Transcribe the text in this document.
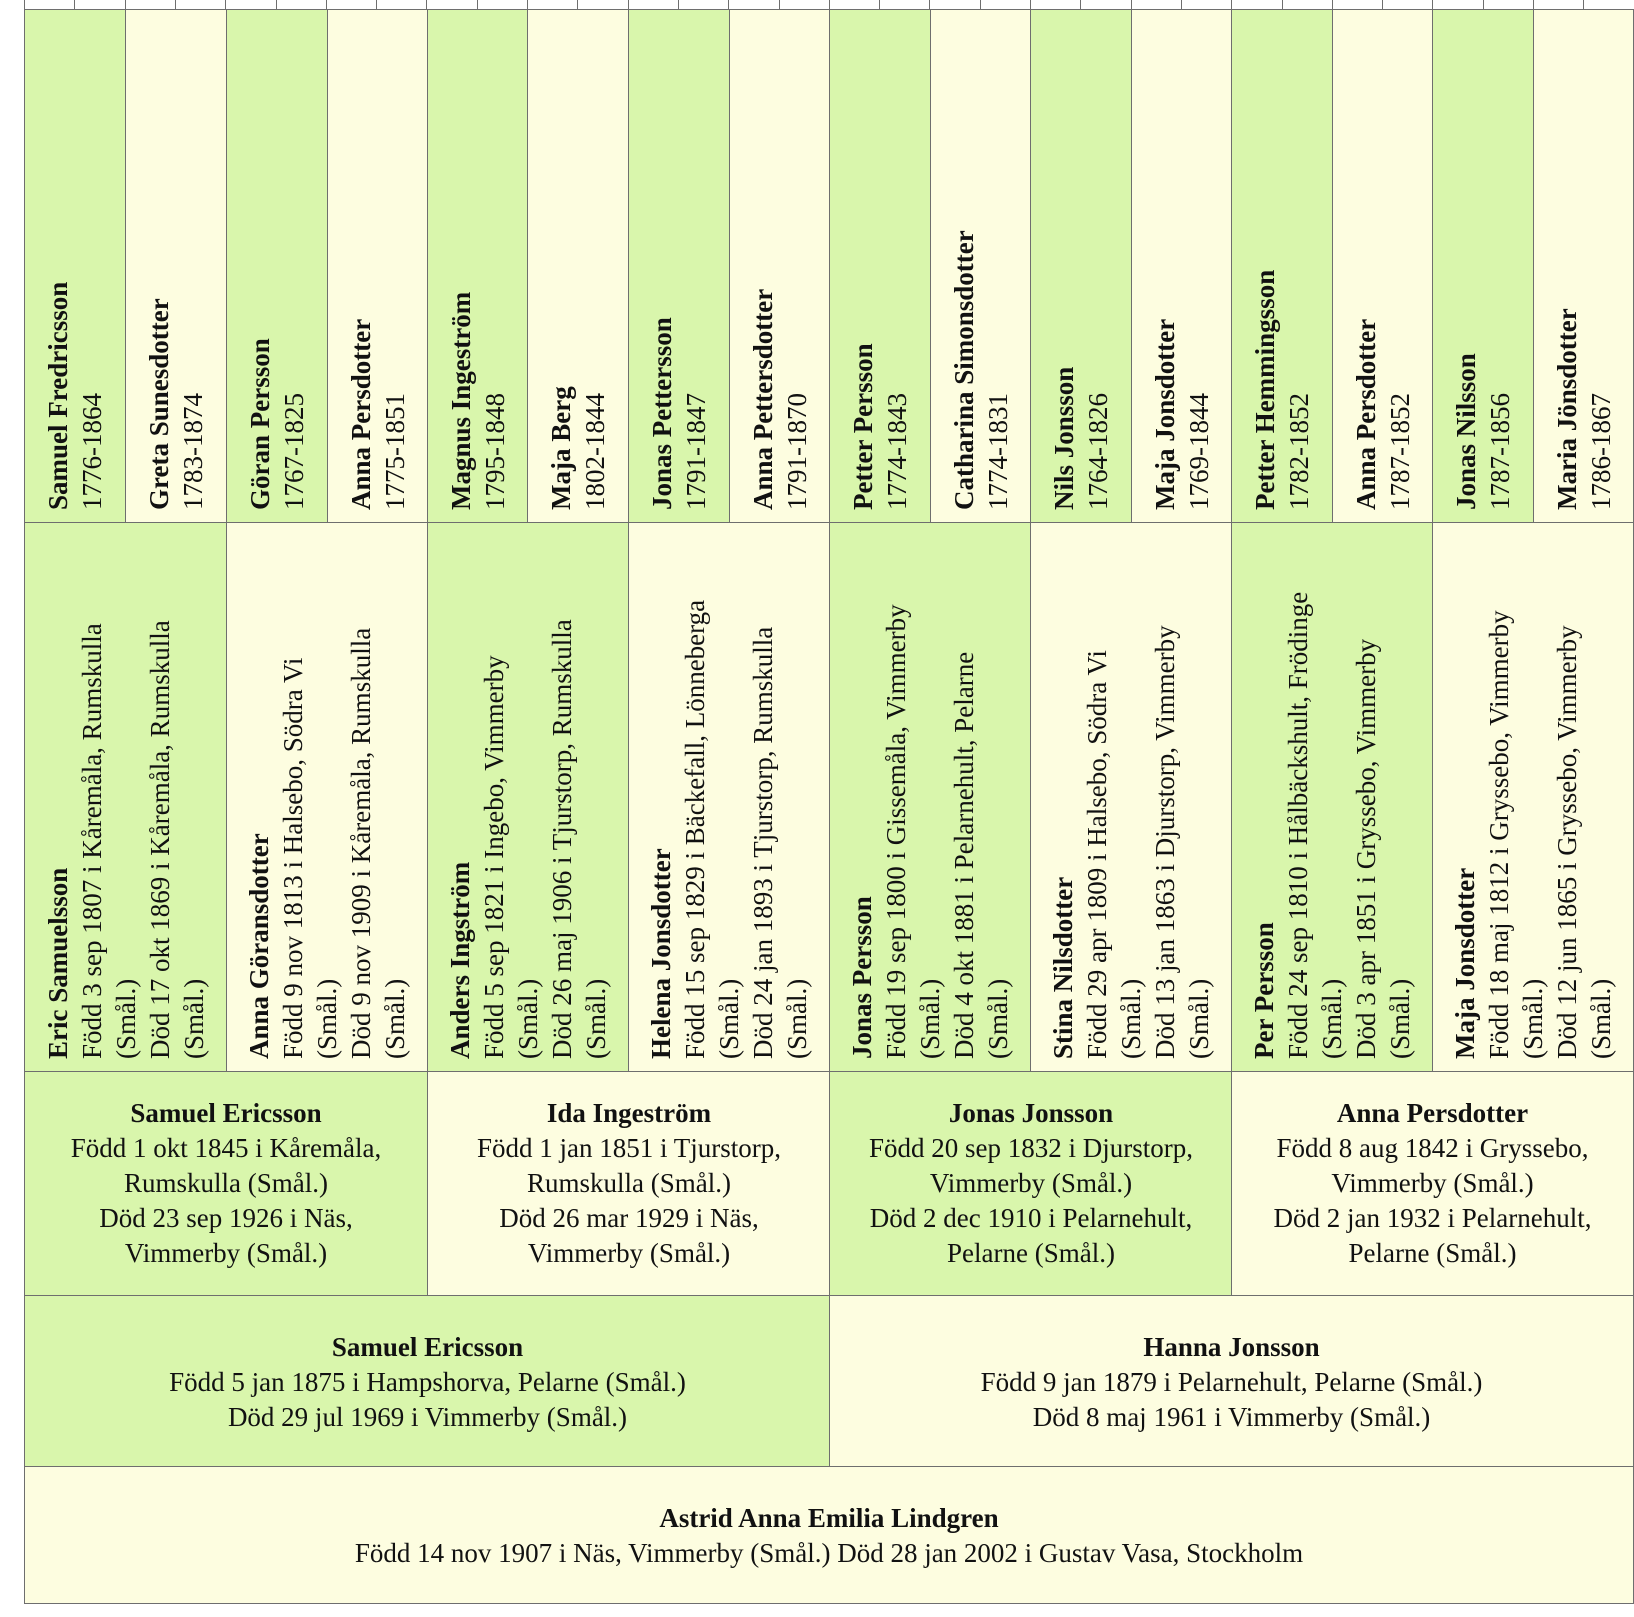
Samuel Fredricsson 1776-1864 Greta Sunesdotter 1783-1874 Göran Persson 1767-1825 Anna Persdotter 1775-1851 Magnus Ingeström 1795-1848 Maja Berg 1802-1844 Jonas Pettersson 1791-1847 Anna Pettersdotter 1791-1870 Petter Persson 1774-1843 Catharina Simonsdotter 1774-1831 Nils Jonsson 1764-1826 Maja Jonsdotter 1769-1844 Petter Hemmingsson 1782-1852 Anna Persdotter 1787-1852 Jonas Nilsson 1787-1856 Maria Jönsdotter 1786-1867
Eric Samuelsson Född 3 sep 1807 i Kåremåla, Rumskulla (Smål.) Död 17 okt 1869 i Kåremåla, Rumskulla (Smål.) Anna Göransdotter Född 9 nov 1813 i Halsebo, Södra Vi (Smål.) Död 9 nov 1909 i Kåremåla, Rumskulla (Smål.) Anders Ingström Född 5 sep 1821 i Ingebo, Vimmerby (Smål.) Död 26 maj 1906 i Tjurstorp, Rumskulla (Smål.) Helena Jonsdotter Född 15 sep 1829 i Bäckefall, Lönneberga (Smål.) Död 24 jan 1893 i Tjurstorp, Rumskulla (Smål.) Jonas Persson Född 19 sep 1800 i Gissemåla, Vimmerby (Smål.) Död 4 okt 1881 i Pelarnehult, Pelarne (Smål.) Stina Nilsdotter Född 29 apr 1809 i Halsebo, Södra Vi (Smål.) Död 13 jan 1863 i Djurstorp, Vimmerby (Smål.) Per Persson Född 24 sep 1810 i Hålbäckshult, Frödinge (Smål.) Död 3 apr 1851 i Gryssebo, Vimmerby (Smål.) Maja Jonsdotter Född 18 maj 1812 i Gryssebo, Vimmerby (Smål.) Död 12 jun 1865 i Gryssebo, Vimmerby (Smål.)
Samuel Ericsson
Född 1 okt 1845 i Kåremåla,
Rumskulla (Smål.)
Död 23 sep 1926 i Näs,
Vimmerby (Smål.)
Ida Ingeström
Född 1 jan 1851 i Tjurstorp,
Rumskulla (Smål.)
Död 26 mar 1929 i Näs,
Vimmerby (Smål.)
Jonas Jonsson
Född 20 sep 1832 i Djurstorp,
Vimmerby (Smål.)
Död 2 dec 1910 i Pelarnehult,
Pelarne (Smål.)
Anna Persdotter
Född 8 aug 1842 i Gryssebo,
Vimmerby (Smål.)
Död 2 jan 1932 i Pelarnehult,
Pelarne (Smål.)
Samuel Ericsson
Född 5 jan 1875 i Hampshorva, Pelarne (Smål.)
Död 29 jul 1969 i Vimmerby (Smål.)
Hanna Jonsson
Född 9 jan 1879 i Pelarnehult, Pelarne (Smål.)
Död 8 maj 1961 i Vimmerby (Smål.)
Astrid Anna Emilia Lindgren
Född 14 nov 1907 i Näs, Vimmerby (Smål.) Död 28 jan 2002 i Gustav Vasa, Stockholm
